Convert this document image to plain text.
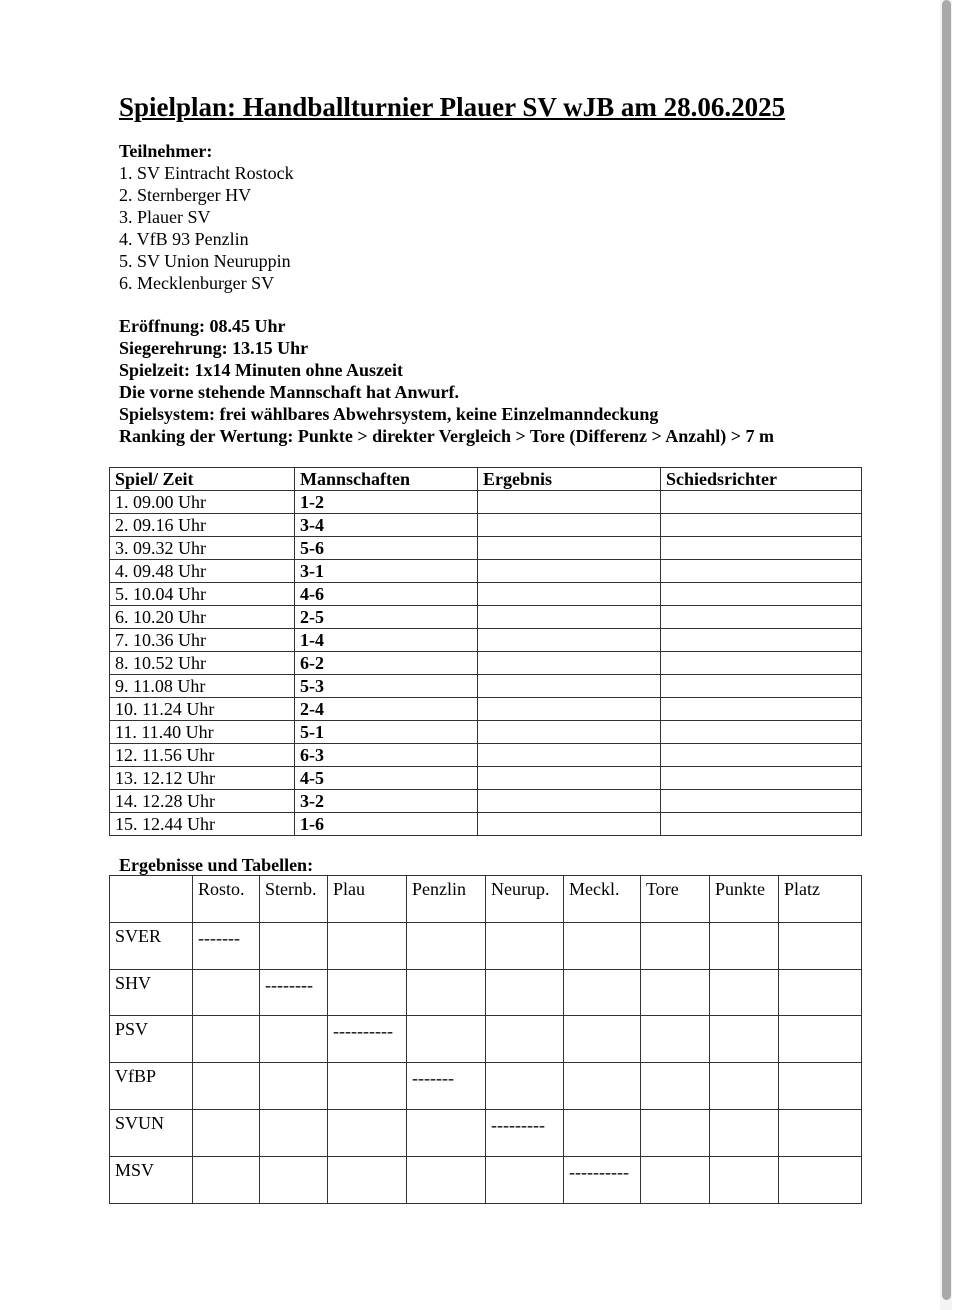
Spielplan: Handballturnier Plauer SV wJB am 28.06.2025
Teilnehmer:
1. SV Eintracht Rostock
2. Sternberger HV
3. Plauer SV
4. VfB 93 Penzlin
5. SV Union Neuruppin
6. Mecklenburger SV
Eröffnung: 08.45 Uhr
Siegerehrung: 13.15 Uhr
Spielzeit: 1x14 Minuten ohne Auszeit
Die vorne stehende Mannschaft hat Anwurf.
Spielsystem: frei wählbares Abwehrsystem, keine Einzelmanndeckung
Ranking der Wertung: Punkte > direkter Vergleich > Tore (Differenz > Anzahl) > 7 m
Spiel/ Zeit	Mannschaften	Ergebnis	Schiedsrichter
1. 09.00 Uhr	1-2		
2. 09.16 Uhr	3-4		
3. 09.32 Uhr	5-6		
4. 09.48 Uhr	3-1		
5. 10.04 Uhr	4-6		
6. 10.20 Uhr	2-5		
7. 10.36 Uhr	1-4		
8. 10.52 Uhr	6-2		
9. 11.08 Uhr	5-3		
10. 11.24 Uhr	2-4		
11. 11.40 Uhr	5-1		
12. 11.56 Uhr	6-3		
13. 12.12 Uhr	4-5		
14. 12.28 Uhr	3-2		
15. 12.44 Uhr	1-6		
Ergebnisse und Tabellen:
	Rosto.	Sternb.	Plau	Penzlin	Neurup.	Meckl.	Tore	Punkte	Platz
SVER	-------								
SHV		--------							
PSV			----------						
VfBP				-------					
SVUN					---------				
MSV						----------			
